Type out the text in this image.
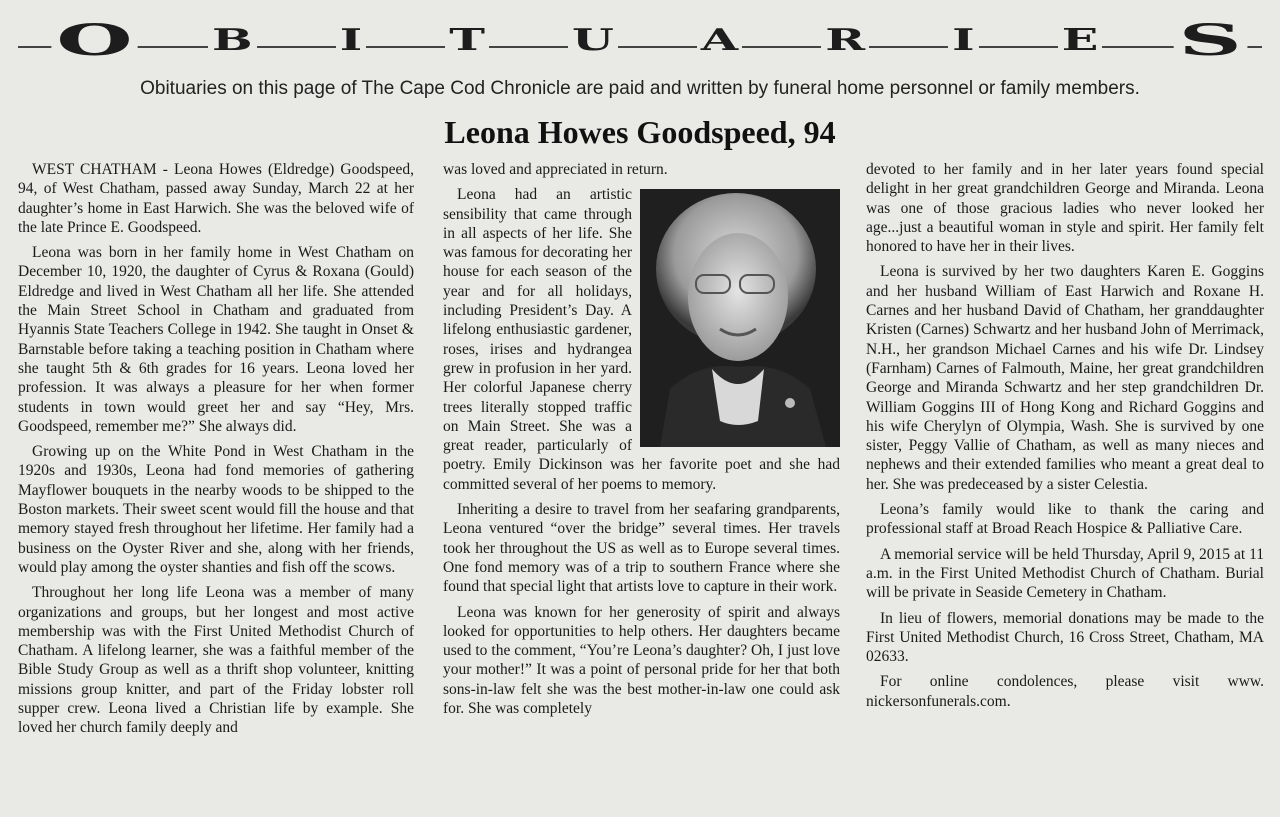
O B I T U A R I E S
Obituaries on this page of The Cape Cod Chronicle are paid and written by funeral home personnel or family members.
Leona Howes Goodspeed, 94

WEST CHATHAM - Leona Howes (Eldredge) Goodspeed, 94, of West Chatham, passed away Sunday, March 22 at her daughter’s home in East Harwich. She was the beloved wife of the late Prince E. Goodspeed.

Leona was born in her family home in West Chatham on December 10, 1920, the daughter of Cyrus & Roxana (Gould) Eldredge and lived in West Chatham all her life. She attended the Main Street School in Chatham and graduated from Hyannis State Teachers College in 1942. She taught in Onset & Barnstable before taking a teaching position in Chatham where she taught 5th & 6th grades for 16 years. Leona loved her profession. It was always a pleasure for her when former students in town would greet her and say “Hey, Mrs. Goodspeed, remember me?” She always did.

Growing up on the White Pond in West Chatham in the 1920s and 1930s, Leona had fond memories of gathering Mayflower bouquets in the nearby woods to be shipped to the Boston markets. Their sweet scent would fill the house and that memory stayed fresh throughout her lifetime. Her family had a business on the Oyster River and she, along with her friends, would play among the oyster shanties and fish off the scows.

Throughout her long life Leona was a member of many organizations and groups, but her longest and most active membership was with the First United Methodist Church of Chatham. A lifelong learner, she was a faithful member of the Bible Study Group as well as a thrift shop volunteer, knitting missions group knitter, and part of the Friday lobster roll supper crew. Leona lived a Christian life by example. She loved her church family deeply and

was loved and appreciated in return.

Leona had an artistic sensibility that came through in all aspects of her life. She was famous for decorating her house for each season of the year and for all holidays, including President’s Day. A lifelong enthusiastic gardener, roses, irises and hydrangea grew in profusion in her yard. Her colorful Japanese cherry trees literally stopped traffic on Main Street. She was a great reader, particularly of poetry. Emily Dickinson was her favorite poet and she had committed several of her poems to memory.

Inheriting a desire to travel from her seafaring grandparents, Leona ventured “over the bridge” several times. Her travels took her throughout the US as well as to Europe several times. One fond memory was of a trip to southern France where she found that special light that artists love to capture in their work.

Leona was known for her generosity of spirit and always looked for opportunities to help others. Her daughters became used to the comment, “You’re Leona’s daughter? Oh, I just love your mother!” It was a point of personal pride for her that both sons-in-law felt she was the best mother-in-law one could ask for. She was completely

devoted to her family and in her later years found special delight in her great grandchildren George and Miranda. Leona was one of those gracious ladies who never looked her age...just a beautiful woman in style and spirit. Her family felt honored to have her in their lives.

Leona is survived by her two daughters Karen E. Goggins and her husband William of East Harwich and Roxane H. Carnes and her husband David of Chatham, her granddaughter Kristen (Carnes) Schwartz and her husband John of Merrimack, N.H., her grandson Michael Carnes and his wife Dr. Lindsey (Farnham) Carnes of Falmouth, Maine, her great grandchildren George and Miranda Schwartz and her step grandchildren Dr. William Goggins III of Hong Kong and Richard Goggins and his wife Cherylyn of Olympia, Wash. She is survived by one sister, Peggy Vallie of Chatham, as well as many nieces and nephews and their extended families who meant a great deal to her. She was predeceased by a sister Celestia.

Leona’s family would like to thank the caring and professional staff at Broad Reach Hospice & Palliative Care.

A memorial service will be held Thursday, April 9, 2015 at 11 a.m. in the First United Methodist Church of Chatham. Burial will be private in Seaside Cemetery in Chatham.

In lieu of flowers, memorial donations may be made to the First United Methodist Church, 16 Cross Street, Chatham, MA 02633.

For online condolences, please visit www. nickersonfunerals.com.
